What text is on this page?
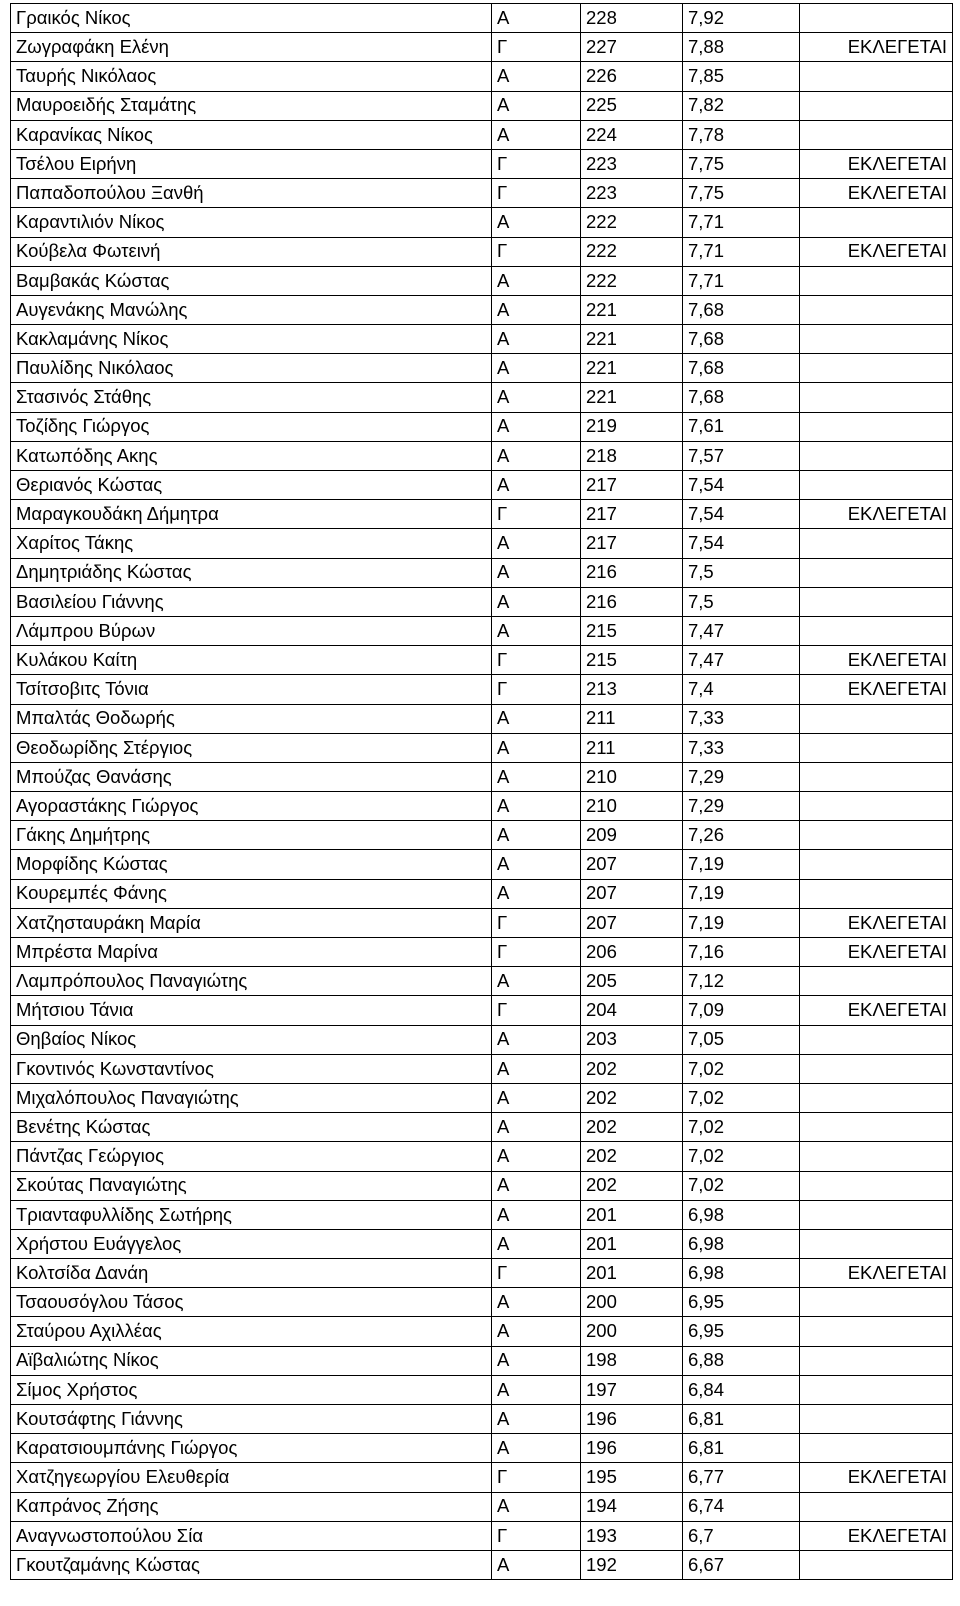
Γραικός Νίκος	Α	228	7,92	
Ζωγραφάκη Ελένη	Γ	227	7,88	ΕΚΛΕΓΕΤΑΙ
Ταυρής Νικόλαος	Α	226	7,85	
Μαυροειδής Σταμάτης	Α	225	7,82	
Καρανίκας Νίκος	Α	224	7,78	
Τσέλου Ειρήνη	Γ	223	7,75	ΕΚΛΕΓΕΤΑΙ
Παπαδοπούλου Ξανθή	Γ	223	7,75	ΕΚΛΕΓΕΤΑΙ
Καραντιλιόν Νίκος	Α	222	7,71	
Κούβελα Φωτεινή	Γ	222	7,71	ΕΚΛΕΓΕΤΑΙ
Βαμβακάς Κώστας	Α	222	7,71	
Αυγενάκης Μανώλης	Α	221	7,68	
Κακλαμάνης Νίκος	Α	221	7,68	
Παυλίδης Νικόλαος	Α	221	7,68	
Στασινός Στάθης	Α	221	7,68	
Τοζίδης Γιώργος	Α	219	7,61	
Κατωπόδης Ακης	Α	218	7,57	
Θεριανός Κώστας	Α	217	7,54	
Μαραγκουδάκη Δήμητρα	Γ	217	7,54	ΕΚΛΕΓΕΤΑΙ
Χαρίτος Τάκης	Α	217	7,54	
Δημητριάδης Κώστας	Α	216	7,5	
Βασιλείου Γιάννης	Α	216	7,5	
Λάμπρου Βύρων	Α	215	7,47	
Κυλάκου Καίτη	Γ	215	7,47	ΕΚΛΕΓΕΤΑΙ
Τσίτσοβιτς Τόνια	Γ	213	7,4	ΕΚΛΕΓΕΤΑΙ
Μπαλτάς Θοδωρής	Α	211	7,33	
Θεοδωρίδης Στέργιος	Α	211	7,33	
Μπούζας Θανάσης	Α	210	7,29	
Αγοραστάκης Γιώργος	Α	210	7,29	
Γάκης Δημήτρης	Α	209	7,26	
Μορφίδης Κώστας	Α	207	7,19	
Κουρεμπές Φάνης	Α	207	7,19	
Χατζησταυράκη Μαρία	Γ	207	7,19	ΕΚΛΕΓΕΤΑΙ
Μπρέστα Μαρίνα	Γ	206	7,16	ΕΚΛΕΓΕΤΑΙ
Λαμπρόπουλος Παναγιώτης	Α	205	7,12	
Μήτσιου Τάνια	Γ	204	7,09	ΕΚΛΕΓΕΤΑΙ
Θηβαίος Νίκος	Α	203	7,05	
Γκοντινός Κωνσταντίνος	Α	202	7,02	
Μιχαλόπουλος Παναγιώτης	Α	202	7,02	
Βενέτης Κώστας	Α	202	7,02	
Πάντζας Γεώργιος	Α	202	7,02	
Σκούτας Παναγιώτης	Α	202	7,02	
Τριανταφυλλίδης Σωτήρης	Α	201	6,98	
Χρήστου Ευάγγελος	Α	201	6,98	
Κολτσίδα Δανάη	Γ	201	6,98	ΕΚΛΕΓΕΤΑΙ
Τσαουσόγλου Τάσος	Α	200	6,95	
Σταύρου Αχιλλέας	Α	200	6,95	
Αϊβαλιώτης Νίκος	Α	198	6,88	
Σίμος Χρήστος	Α	197	6,84	
Κουτσάφτης Γιάννης	Α	196	6,81	
Καρατσιουμπάνης Γιώργος	Α	196	6,81	
Χατζηγεωργίου Ελευθερία	Γ	195	6,77	ΕΚΛΕΓΕΤΑΙ
Καπράνος Ζήσης	Α	194	6,74	
Αναγνωστοπούλου Σία	Γ	193	6,7	ΕΚΛΕΓΕΤΑΙ
Γκουτζαμάνης Κώστας	Α	192	6,67	
